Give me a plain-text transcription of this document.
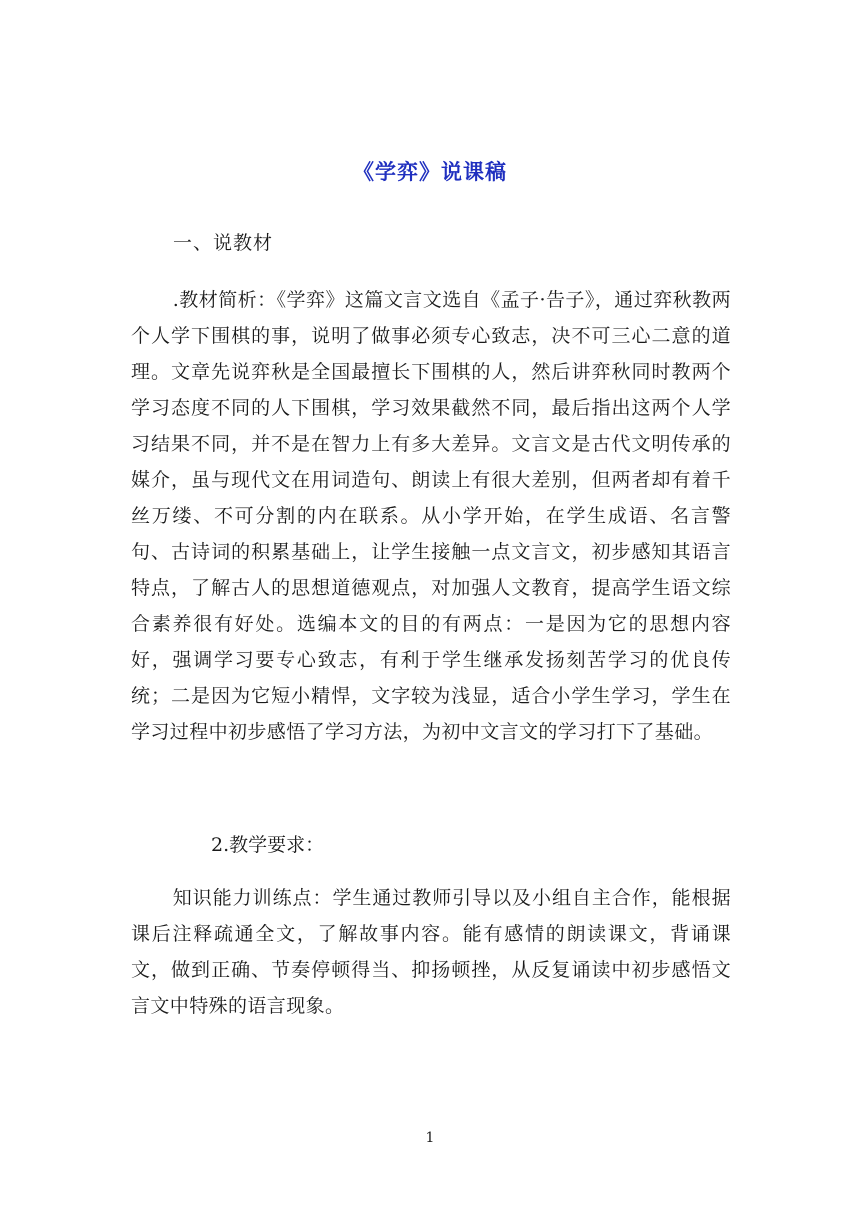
《学弈》说课稿
一、说教材
.教材简析：《学弈》这篇文言文选自《孟子·告子》，通过弈秋教两个人学下围棋的事，说明了做事必须专心致志，决不可三心二意的道理。文章先说弈秋是全国最擅长下围棋的人，然后讲弈秋同时教两个学习态度不同的人下围棋，学习效果截然不同，最后指出这两个人学习结果不同，并不是在智力上有多大差异。文言文是古代文明传承的媒介，虽与现代文在用词造句、朗读上有很大差别，但两者却有着千丝万缕、不可分割的内在联系。从小学开始，在学生成语、名言警句、古诗词的积累基础上，让学生接触一点文言文，初步感知其语言特点，了解古人的思想道德观点，对加强人文教育，提高学生语文综合素养很有好处。选编本文的目的有两点：一是因为它的思想内容好，强调学习要专心致志，有利于学生继承发扬刻苦学习的优良传统；二是因为它短小精悍，文字较为浅显，适合小学生学习，学生在学习过程中初步感悟了学习方法，为初中文言文的学习打下了基础。
2.教学要求：
知识能力训练点：学生通过教师引导以及小组自主合作，能根据课后注释疏通全文，了解故事内容。能有感情的朗读课文，背诵课文，做到正确、节奏停顿得当、抑扬顿挫，从反复诵读中初步感悟文言文中特殊的语言现象。
1
